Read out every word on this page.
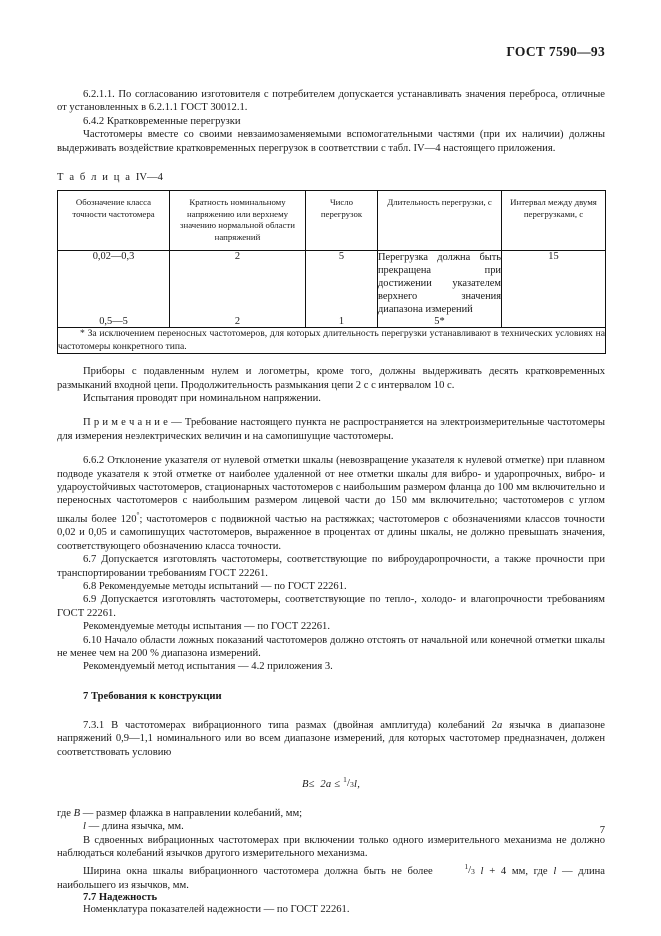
ГОСТ 7590—93

6.2.1.1. По согласованию изготовителя с потребителем допускается устанавливать значения переброса, отличные от установленных в 6.2.1.1 ГОСТ 30012.1.

6.4.2 Кратковременные перегрузки

Частотомеры вместе со своими невзаимозаменяемыми вспомогательными частями (при их наличии) должны выдерживать воздействие кратковременных перегрузок в соответствии с табл. IV—4 настоящего приложения.

Т а б л и ц а IV—4
Обозначение класса точности частотомера	Кратность номинальному напряжению или верхнему значению нормальной области напряжений	Число перегрузок	Длительность перегрузки, с	Интервал между двумя перегрузками, с
0,02—0,3	2	5	Перегрузка должна быть прекращена при достижении указателем верхнего значения диапазона измерений	15
0,5—5	2	1	5*	
* За исключением переносных частотомеров, для которых длительность перегрузки устанавливают в технических условиях на частотомеры конкретного типа.				

Приборы с подавленным нулем и логометры, кроме того, должны выдерживать десять кратковременных размыканий входной цепи. Продолжительность размыкания цепи 2 с с интервалом 10 с.

Испытания проводят при номинальном напряжении.

П р и м е ч а н и е — Требование настоящего пункта не распространяется на электроизмерительные частотомеры для измерения неэлектрических величин и на самопишущие частотомеры.

6.6.2 Отклонение указателя от нулевой отметки шкалы (невозвращение указателя к нулевой отметке) при плавном подводе указателя к этой отметке от наиболее удаленной от нее отметки шкалы для вибро- и ударопрочных, вибро- и удароустойчивых частотомеров, стационарных частотомеров с наибольшим размером фланца до 100 мм включительно и переносных частотомеров с наибольшим размером лицевой части до 150 мм включительно; частотомеров с углом шкалы более 120°; частотомеров с подвижной частью на растяжках; частотомеров с обозначениями классов точности 0,02 и 0,05 и самопишущих частотомеров, выраженное в процентах от длины шкалы, не должно превышать значения, соответствующего обозначению класса точности.

6.7 Допускается изготовлять частотомеры, соответствующие по виброударопрочности, а также прочности при транспортировании требованиям ГОСТ 22261.

6.8 Рекомендуемые методы испытаний — по ГОСТ 22261.

6.9 Допускается изготовлять частотомеры, соответствующие по тепло-, холодо- и влагопрочности требованиям ГОСТ 22261.

Рекомендуемые методы испытания — по ГОСТ 22261.

6.10 Начало области ложных показаний частотомеров должно отстоять от начальной или конечной отметки шкалы не менее чем на 200 % диапазона измерений.

Рекомендуемый метод испытания — 4.2 приложения 3.

7 Требования к конструкции

7.3.1 В частотомерах вибрационного типа размах (двойная амплитуда) колебаний 2a язычка в диапазоне напряжений 0,9—1,1 номинального или во всем диапазоне измерений, для которых частотомер предназначен, должен соответствовать условию

$В\le 2a \le ^1/_3l$,

где В — размер флажка в направлении колебаний, мм;

l — длина язычка, мм.

В сдвоенных вибрационных частотомерах при включении только одного измерительного механизма не должно наблюдаться колебаний язычков другого измерительного механизма.

Ширина окна шкалы вибрационного частотомера должна быть не более	$^1/_3$ l + 4 мм, где l — длина наибольшего из язычков, мм.

7.7 Надежность

Номенклатура показателей надежности — по ГОСТ 22261.

7
